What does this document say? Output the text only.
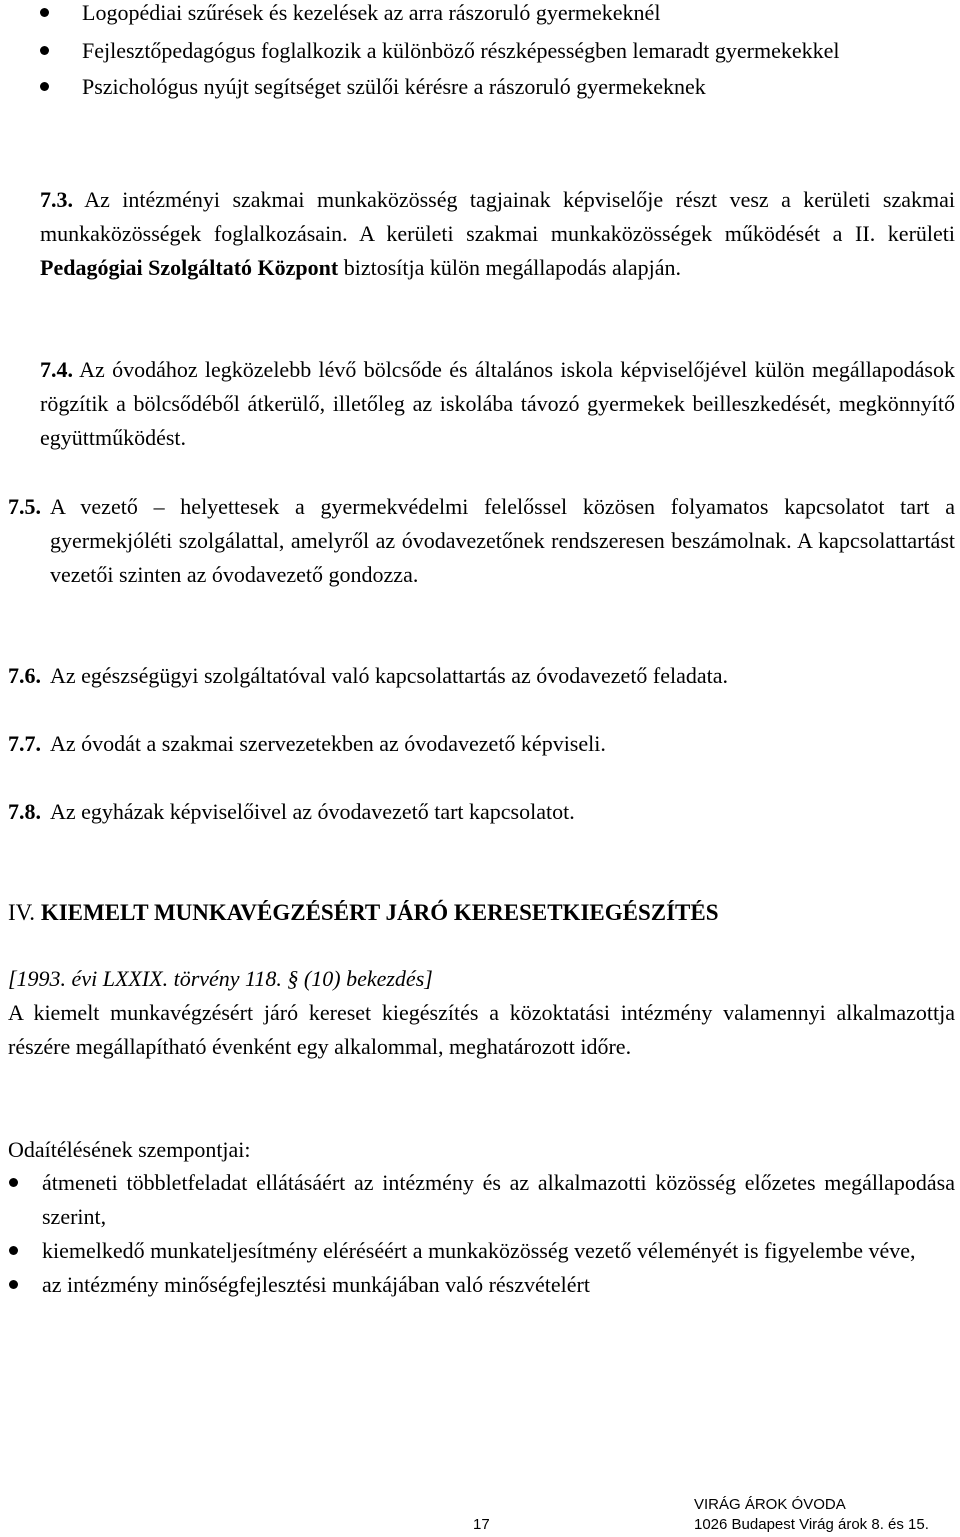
Logopédiai szűrések és kezelések az arra rászoruló gyermekeknél
Fejlesztőpedagógus foglalkozik a különböző részképességben lemaradt gyermekekkel
Pszichológus nyújt segítséget szülői kérésre a rászoruló gyermekeknek
7.3. Az intézményi szakmai munkaközösség tagjainak képviselője részt vesz a kerületi szakmai munkaközösségek foglalkozásain. A kerületi szakmai munkaközösségek működését a II. kerületi Pedagógiai Szolgáltató Központ biztosítja külön megállapodás alapján.
7.4. Az óvodához legközelebb lévő bölcsőde és általános iskola képviselőjével külön megállapodások rögzítik a bölcsődéből átkerülő, illetőleg az iskolába távozó gyermekek beilleszkedését, megkönnyítő együttműködést.
7.5. A vezető – helyettesek a gyermekvédelmi felelőssel közösen folyamatos kapcsolatot tart a gyermekjóléti szolgálattal, amelyről az óvodavezetőnek rendszeresen beszámolnak. A kapcsolattartást vezetői szinten az óvodavezető gondozza.
7.6. Az egészségügyi szolgáltatóval való kapcsolattartás az óvodavezető feladata.
7.7. Az óvodát a szakmai szervezetekben az óvodavezető képviseli.
7.8. Az egyházak képviselőivel az óvodavezető tart kapcsolatot.
IV. KIEMELT MUNKAVÉGZÉSÉRT JÁRÓ KERESETKIEGÉSZÍTÉS
[1993. évi LXXIX. törvény 118. § (10) bekezdés]
A kiemelt munkavégzésért járó kereset kiegészítés a közoktatási intézmény valamennyi alkalmazottja részére megállapítható évenként egy alkalommal, meghatározott időre.
Odaítélésének szempontjai:
átmeneti többletfeladat ellátásáért az intézmény és az alkalmazotti közösség előzetes megállapodása szerint,
kiemelkedő munkateljesítmény eléréséért a munkaközösség vezető véleményét is figyelembe véve,
az intézmény minőségfejlesztési munkájában való részvételért
17
VIRÁG ÁROK ÓVODA
1026 Budapest Virág árok 8. és 15.
